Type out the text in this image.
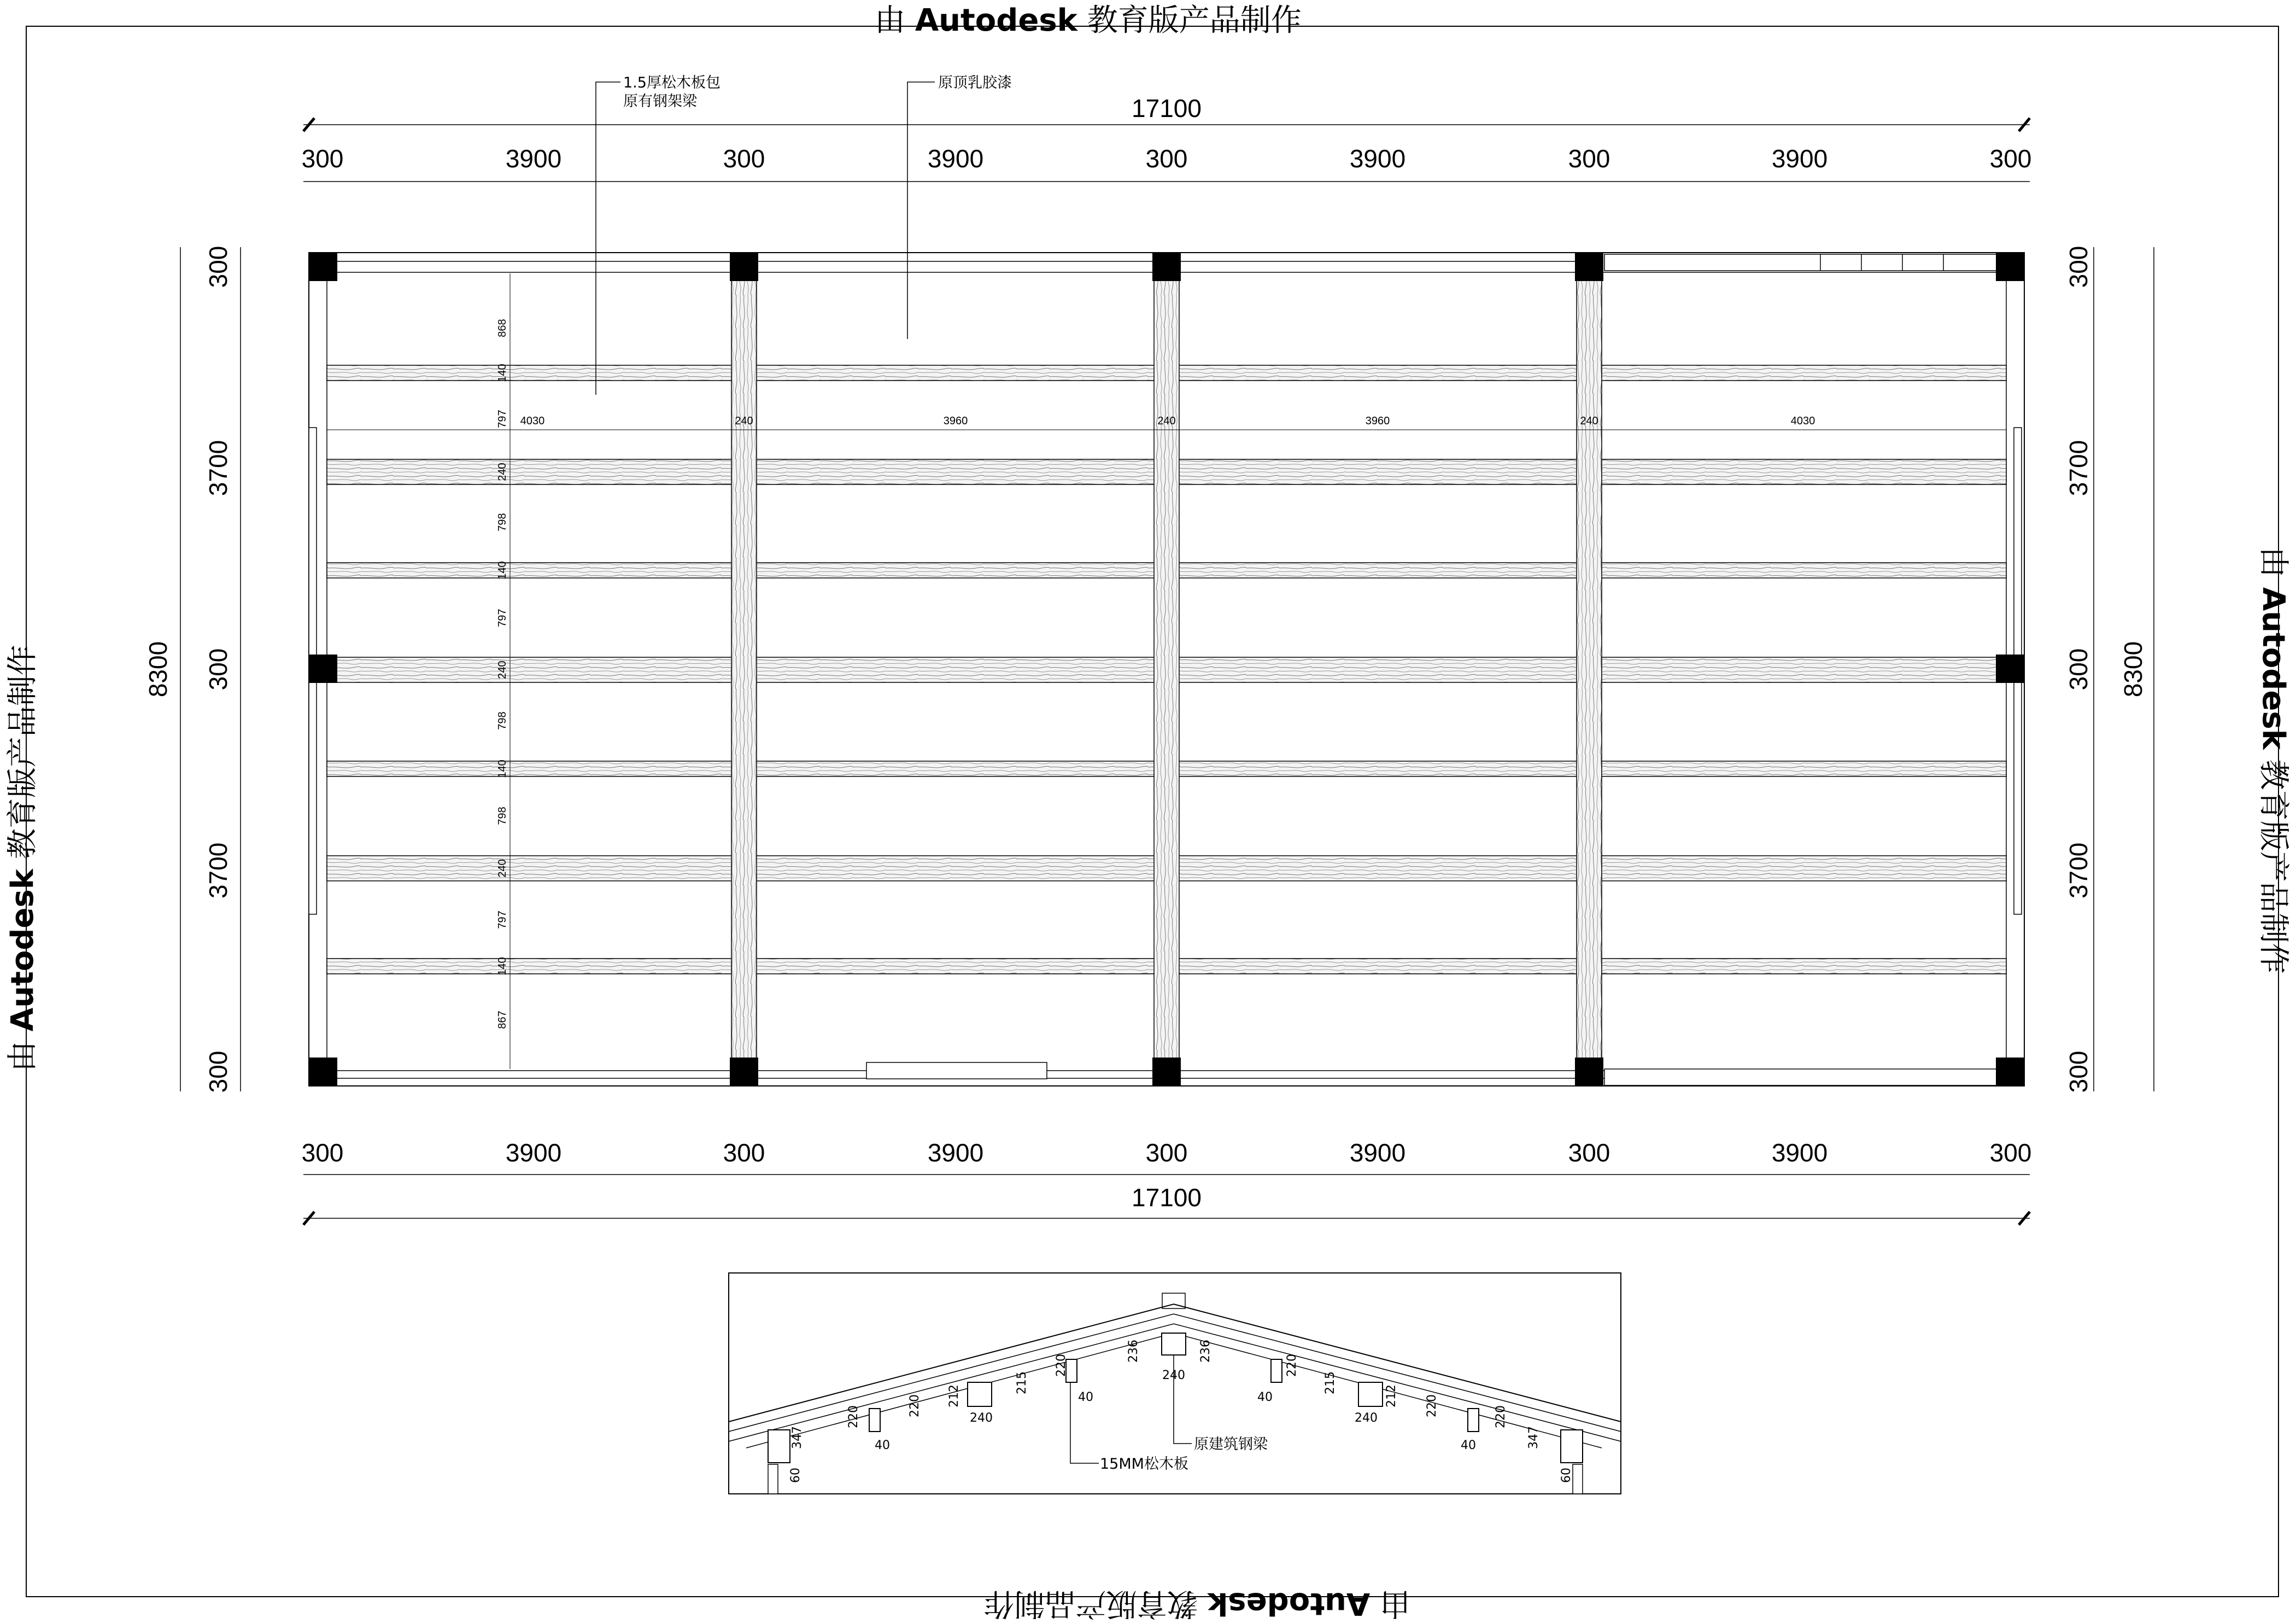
由 Autodesk 教育版产品制作
由 Autodesk 教育版产品制作
由 Autodesk 教育版产品制作
由 Autodesk 教育版产品制作
868
140
797
240
798
140
797
240
798
140
798
240
797
140
867
4030	240	3960	240	3960	240	4030
1.5厚松木板包
原有钢架梁
原顶乳胶漆
17100
300	3900	300	3900	300	3900	300	3900	300
300	3900	300	3900	300	3900	300	3900	300
17100
8300
300
3700
300
3700
300
8300
300
3700
300
3700
300
347
60
220
40
220 212
240
215
40
220
236	236
240	220
40
215
240
212 220
40
220
347
60
15MM松木板
原建筑钢梁
